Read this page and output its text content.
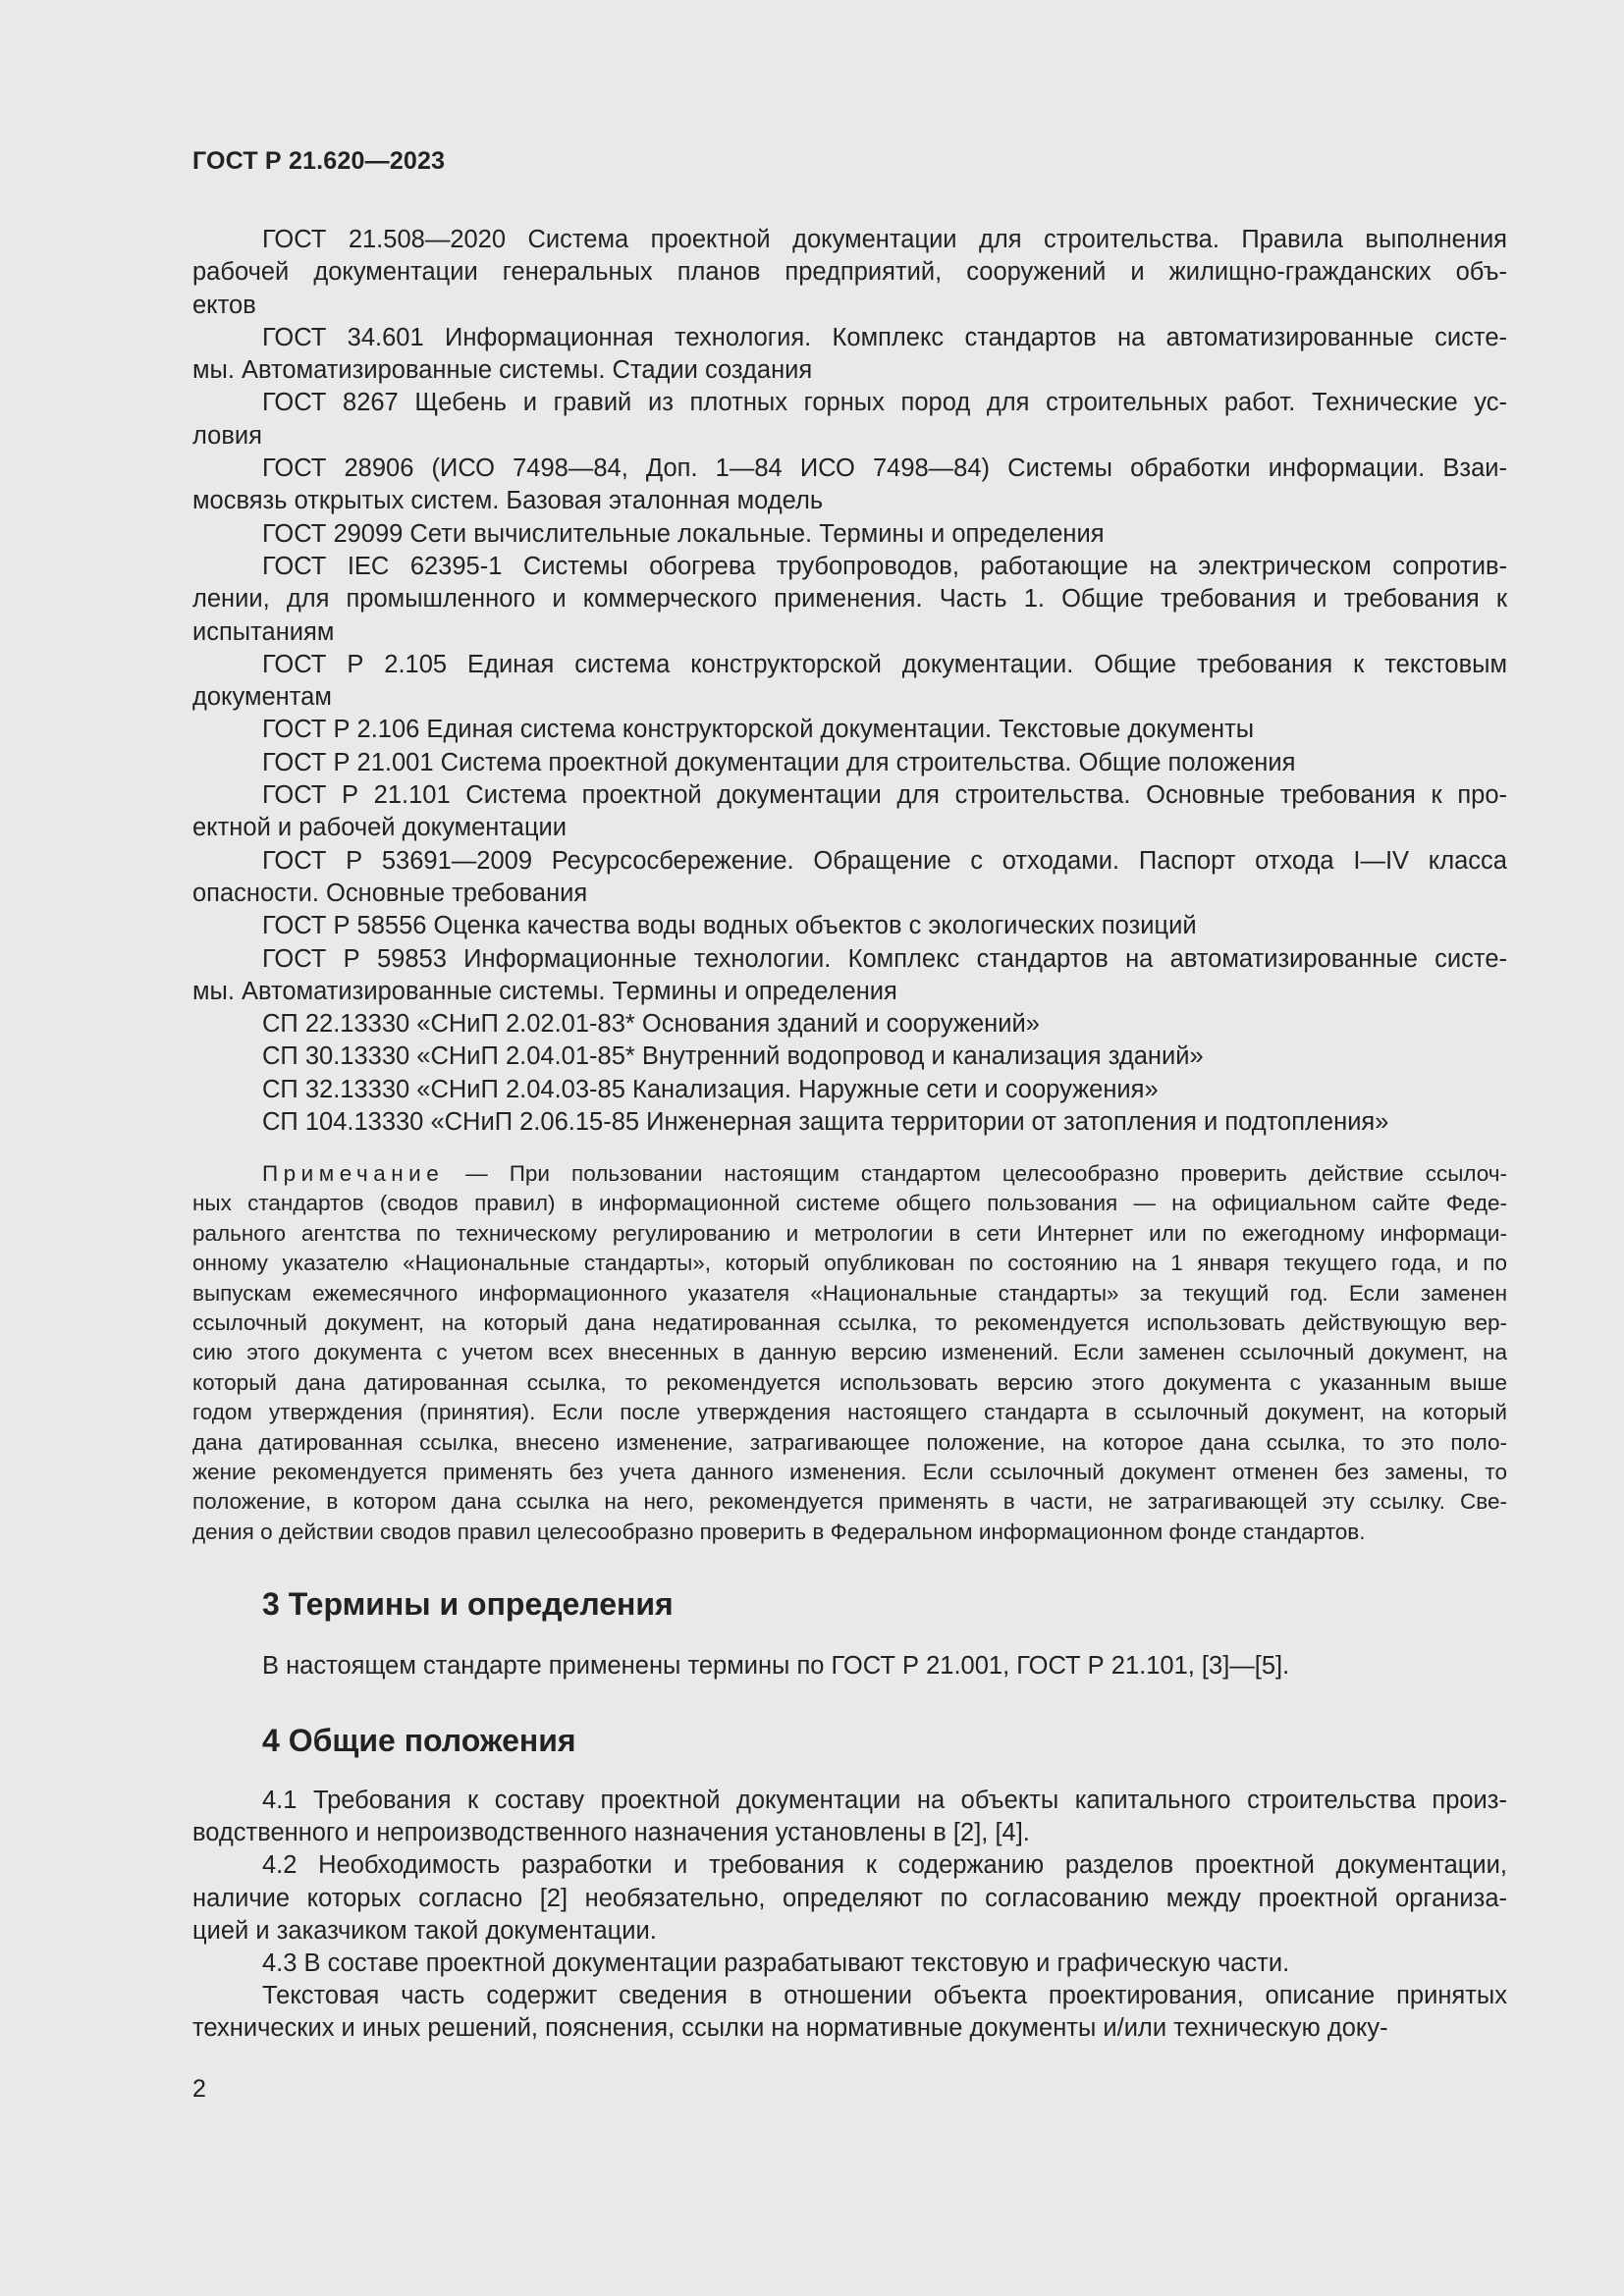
ГОСТ Р 21.620—2023
ГОСТ 21.508—2020 Система проектной документации для строительства. Правила выполнения
рабочей документации генеральных планов предприятий, сооружений и жилищно-гражданских объ-
ектов
ГОСТ 34.601 Информационная технология. Комплекс стандартов на автоматизированные систе-
мы. Автоматизированные системы. Стадии создания
ГОСТ 8267 Щебень и гравий из плотных горных пород для строительных работ. Технические ус-
ловия
ГОСТ 28906 (ИСО 7498—84, Доп. 1—84 ИСО 7498—84) Системы обработки информации. Взаи-
мосвязь открытых систем. Базовая эталонная модель
ГОСТ 29099 Сети вычислительные локальные. Термины и определения
ГОСТ IEC 62395-1 Системы обогрева трубопроводов, работающие на электрическом сопротив-
лении, для промышленного и коммерческого применения. Часть 1. Общие требования и требования к
испытаниям
ГОСТ Р 2.105 Единая система конструкторской документации. Общие требования к текстовым
документам
ГОСТ Р 2.106 Единая система конструкторской документации. Текстовые документы
ГОСТ Р 21.001 Система проектной документации для строительства. Общие положения
ГОСТ Р 21.101 Система проектной документации для строительства. Основные требования к про-
ектной и рабочей документации
ГОСТ Р 53691—2009 Ресурсосбережение. Обращение с отходами. Паспорт отхода I—IV класса
опасности. Основные требования
ГОСТ Р 58556 Оценка качества воды водных объектов с экологических позиций
ГОСТ Р 59853 Информационные технологии. Комплекс стандартов на автоматизированные систе-
мы. Автоматизированные системы. Термины и определения
СП 22.13330 «СНиП 2.02.01-83* Основания зданий и сооружений»
СП 30.13330 «СНиП 2.04.01-85* Внутренний водопровод и канализация зданий»
СП 32.13330 «СНиП 2.04.03-85 Канализация. Наружные сети и сооружения»
СП 104.13330 «СНиП 2.06.15-85 Инженерная защита территории от затопления и подтопления»
Примечание — При пользовании настоящим стандартом целесообразно проверить действие ссылоч-
ных стандартов (сводов правил) в информационной системе общего пользования — на официальном сайте Феде-
рального агентства по техническому регулированию и метрологии в сети Интернет или по ежегодному информаци-
онному указателю «Национальные стандарты», который опубликован по состоянию на 1 января текущего года, и по
выпускам ежемесячного информационного указателя «Национальные стандарты» за текущий год. Если заменен
ссылочный документ, на который дана недатированная ссылка, то рекомендуется использовать действующую вер-
сию этого документа с учетом всех внесенных в данную версию изменений. Если заменен ссылочный документ, на
который дана датированная ссылка, то рекомендуется использовать версию этого документа с указанным выше
годом утверждения (принятия). Если после утверждения настоящего стандарта в ссылочный документ, на который
дана датированная ссылка, внесено изменение, затрагивающее положение, на которое дана ссылка, то это поло-
жение рекомендуется применять без учета данного изменения. Если ссылочный документ отменен без замены, то
положение, в котором дана ссылка на него, рекомендуется применять в части, не затрагивающей эту ссылку. Све-
дения о действии сводов правил целесообразно проверить в Федеральном информационном фонде стандартов.
3 Термины и определения
В настоящем стандарте применены термины по ГОСТ Р 21.001, ГОСТ Р 21.101, [3]—[5].
4 Общие положения
4.1 Требования к составу проектной документации на объекты капитального строительства произ-
водственного и непроизводственного назначения установлены в [2], [4].
4.2 Необходимость разработки и требования к содержанию разделов проектной документации,
наличие которых согласно [2] необязательно, определяют по согласованию между проектной организа-
цией и заказчиком такой документации.
4.3 В составе проектной документации разрабатывают текстовую и графическую части.
Текстовая часть содержит сведения в отношении объекта проектирования, описание принятых
технических и иных решений, пояснения, ссылки на нормативные документы и/или техническую доку-
2
